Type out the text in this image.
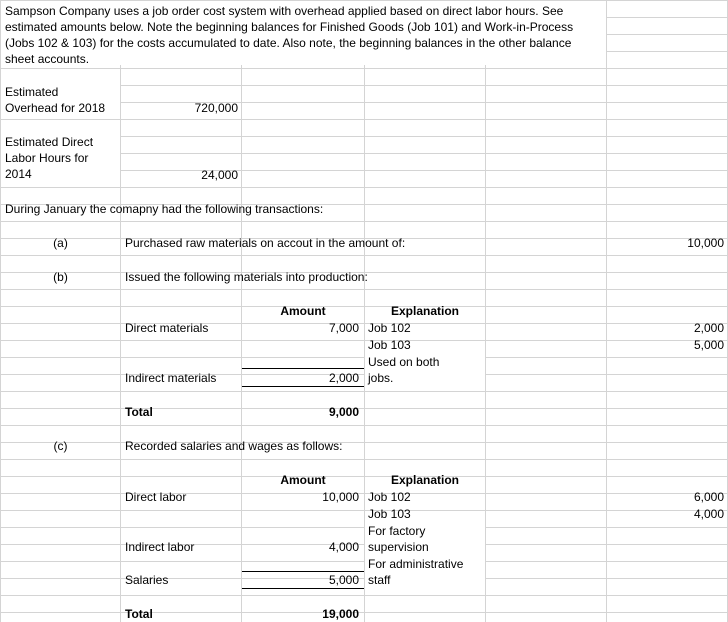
Sampson Company uses a job order cost system with overhead applied based on direct labor hours. See estimated amounts below. Note the beginning balances for Finished Goods (Job 101) and Work-in-Process (Jobs 102 & 103) for the costs accumulated to date. Also note, the beginning balances in the other balance sheet accounts.
Estimated
Overhead for 2018	720,000
Estimated Direct
Labor Hours for
2014	24,000
During January the comapny had the following transactions:
(a)	Purchased raw materials on accout in the amount of:	10,000
(b)	Issued the following materials into production:
Amount	Explanation
Direct materials	7,000 Job 102	2,000
Job 103	5,000
Used on both
Indirect materials	2,000 jobs.
Total	9,000
(c)	Recorded salaries and wages as follows:
Amount	Explanation
Direct labor	10,000 Job 102	6,000
Job 103	4,000
For factory
Indirect labor	4,000 supervision
For administrative
Salaries	5,000 staff
Total	19,000
